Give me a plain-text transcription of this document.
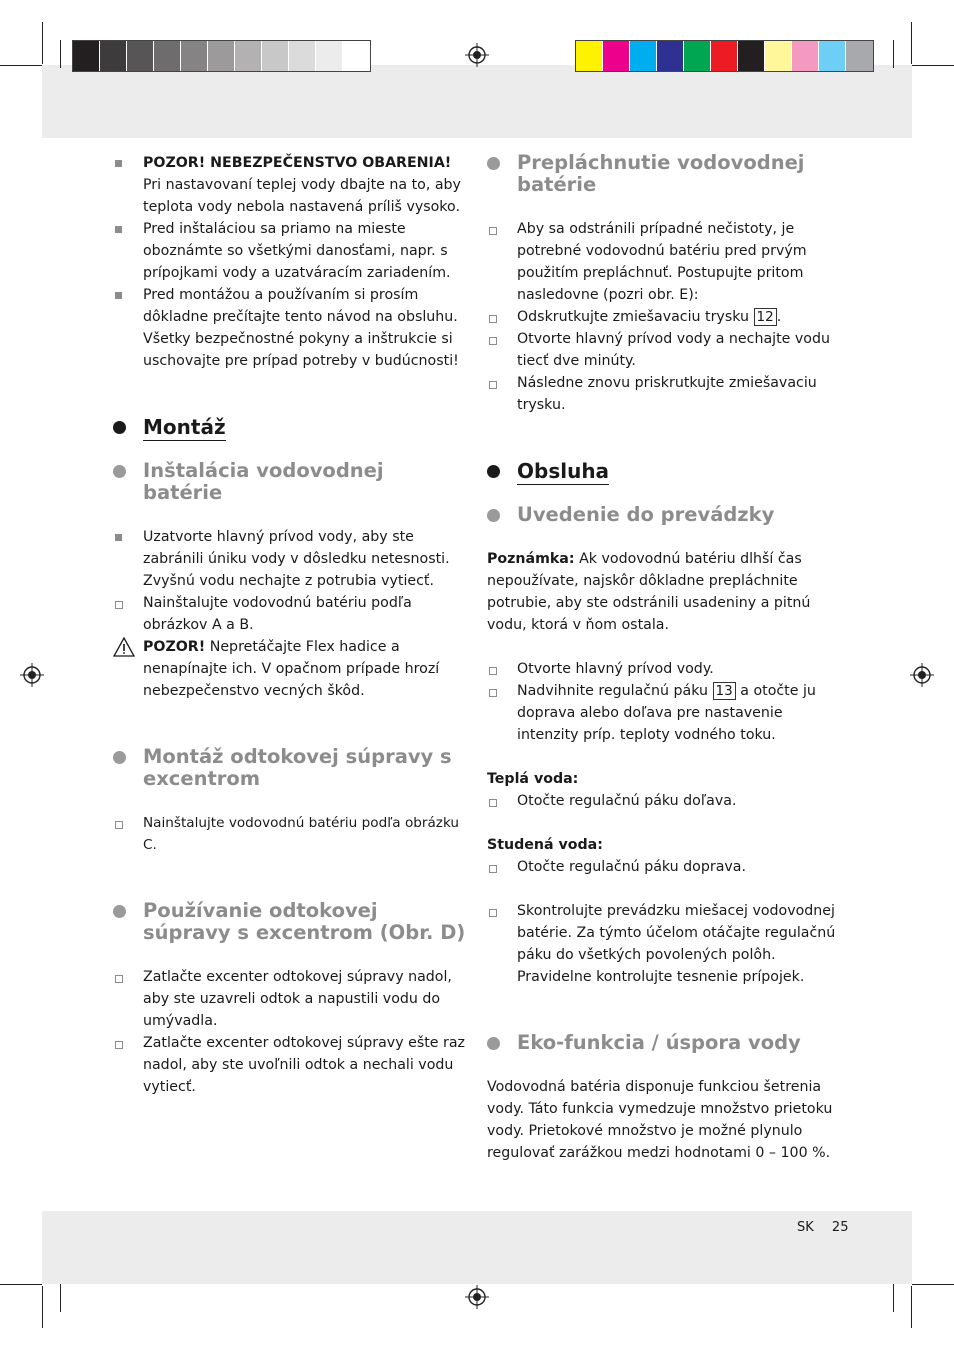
POZOR! NEBEZPEČENSTVO OBARENIA!
Pri nastavovaní teplej vody dbajte na to, aby teplota vody nebola nastavená príliš vysoko.
Pred inštaláciou sa priamo na mieste oboznámte so všetkými danosťami, napr. s prípojkami vody a uzatváracím zariadením.
Pred montážou a používaním si prosím dôkladne prečítajte tento návod na obsluhu. Všetky bezpečnostné pokyny a inštrukcie si uschovajte pre prípad potreby v budúcnosti!
Montáž
Inštalácia vodovodnej batérie
Uzatvorte hlavný prívod vody, aby ste zabránili úniku vody v dôsledku netesnosti. Zvyšnú vodu nechajte z potrubia vytiecť.
Nainštalujte vodovodnú batériu podľa obrázkov A a B.
POZOR! Nepretáčajte Flex hadice a nenapínajte ich. V opačnom prípade hrozí nebezpečenstvo vecných škôd.
Montáž odtokovej súpravy s excentrom
Nainštalujte vodovodnú batériu podľa obrázku C.
Používanie odtokovej súpravy s excentrom (Obr. D)
Zatlačte excenter odtokovej súpravy nadol, aby ste uzavreli odtok a napustili vodu do umývadla.
Zatlačte excenter odtokovej súpravy ešte raz nadol, aby ste uvoľnili odtok a nechali vodu vytiecť.
Prepláchnutie vodovodnej batérie
Aby sa odstránili prípadné nečistoty, je potrebné vodovodnú batériu pred prvým použitím prepláchnuť. Postupujte pritom nasledovne (pozri obr. E):
Odskrutkujte zmiešavaciu trysku 12 .
Otvorte hlavný prívod vody a nechajte vodu tiecť dve minúty.
Následne znovu priskrutkujte zmiešavaciu trysku.
Obsluha
Uvedenie do prevádzky

Poznámka: Ak vodovodnú batériu dlhší čas nepoužívate, najskôr dôkladne prepláchnite potrubie, aby ste odstránili usadeniny a pitnú vodu, ktorá v ňom ostala.

Otvorte hlavný prívod vody.
Nadvihnite regulačnú páku 13 a otočte ju doprava alebo doľava pre nastavenie intenzity príp. teploty vodného toku.

Teplá voda:

Otočte regulačnú páku doľava.

Studená voda:

Otočte regulačnú páku doprava.
Skontrolujte prevádzku miešacej vodovodnej batérie. Za týmto účelom otáčajte regulačnú páku do všetkých povolených polôh. Pravidelne kontrolujte tesnenie prípojek.
Eko-funkcia / úspora vody

Vodovodná batéria disponuje funkciou šetrenia vody. Táto funkcia vymedzuje množstvo prietoku vody. Prietokové množstvo je možné plynulo regulovať zarážkou medzi hodnotami 0 – 100 %.

SK 25
